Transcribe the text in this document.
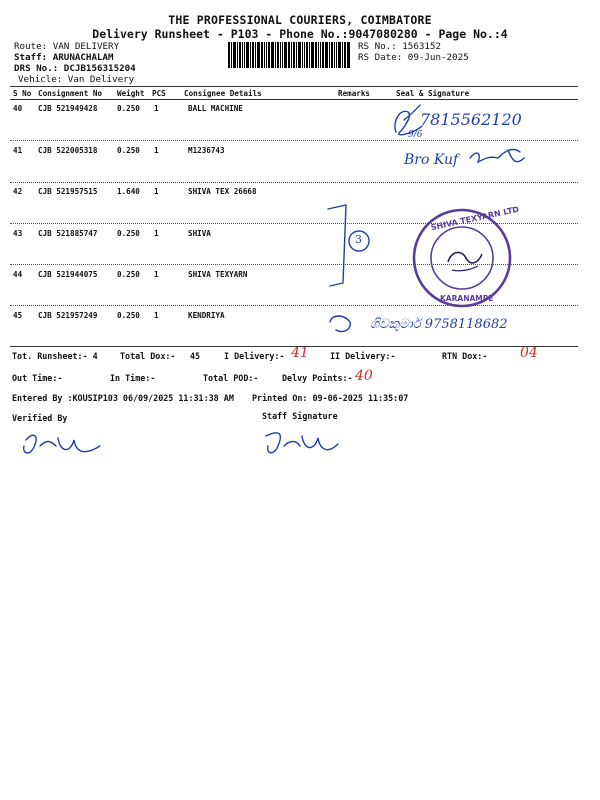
THE PROFESSIONAL COURIERS, COIMBATORE
Delivery Runsheet - P103 - Phone No.:9047080280 - Page No.:4
Route: VAN DELIVERY
Staff: ARUNACHALAM
DRS No.: DCJB156315204
Vehicle: Van Delivery
RS No.: 1563152
RS Date: 09-Jun-2025
S No Consignment No Weight PCS Consignee Details	Remarks	Seal & Signature
40 CJB 521949428	0.250 1	BALL MACHINE
41 CJB 522005318	0.250 1	M1236743
42 CJB 521957515	1.640 1	SHIVA TEX 26668
43 CJB 521885747	0.250 1	SHIVA
44 CJB 521944075	0.250 1	SHIVA TEXYARN
45 CJB 521957249	0.250 1	KENDRIYA
Tot. Runsheet:- 4	Total Dox:- 45	I Delivery:-	II Delivery:-	RTN Dox:-
Out Time:-	In Time:-	Total POD:-	Delvy Points:-
Entered By :KOUSIP103 06/09/2025 11:31:38 AM Printed On: 09-06-2025 11:35:07
Verified By	Staff Signature
7815562120
9/6
Bro Kuf
3
ශිවකුමාර් 9758118682
SHIVA TEXYARN LTD
KARANAMPE
41	04
40
